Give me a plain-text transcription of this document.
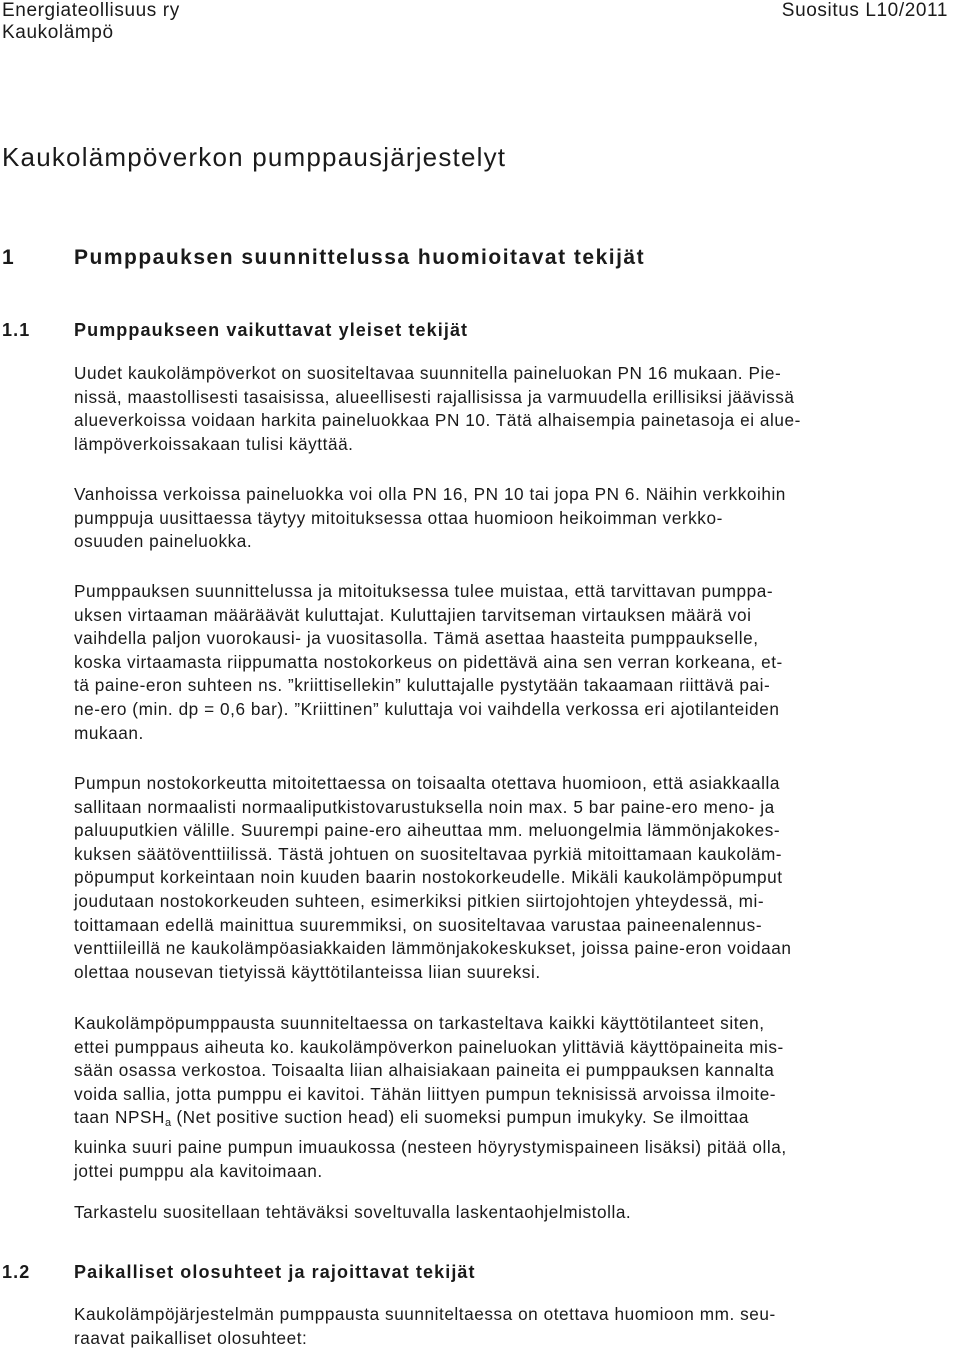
Energiateollisuus ry
Kaukolämpö
Suositus L10/2011
Kaukolämpöverkon pumppausjärjestelyt
1	Pumppauksen suunnittelussa huomioitavat tekijät
1.1 Pumppaukseen vaikuttavat yleiset tekijät
Uudet kaukolämpöverkot on suositeltavaa suunnitella paineluokan PN 16 mukaan. Pie-
nissä, maastollisesti tasaisissa, alueellisesti rajallisissa ja varmuudella erillisiksi jäävissä
alueverkoissa voidaan harkita paineluokkaa PN 10. Tätä alhaisempia painetasoja ei alue-
lämpöverkoissakaan tulisi käyttää.
Vanhoissa verkoissa paineluokka voi olla PN 16, PN 10 tai jopa PN 6. Näihin verkkoihin
pumppuja uusittaessa täytyy mitoituksessa ottaa huomioon heikoimman verkko-
osuuden paineluokka.
Pumppauksen suunnittelussa ja mitoituksessa tulee muistaa, että tarvittavan pumppa-
uksen virtaaman määräävät kuluttajat. Kuluttajien tarvitseman virtauksen määrä voi
vaihdella paljon vuorokausi- ja vuositasolla. Tämä asettaa haasteita pumppaukselle,
koska virtaamasta riippumatta nostokorkeus on pidettävä aina sen verran korkeana, et-
tä paine-eron suhteen ns. ”kriittisellekin” kuluttajalle pystytään takaamaan riittävä pai-
ne-ero (min. dp = 0,6 bar). ”Kriittinen” kuluttaja voi vaihdella verkossa eri ajotilanteiden
mukaan.
Pumpun nostokorkeutta mitoitettaessa on toisaalta otettava huomioon, että asiakkaalla
sallitaan normaalisti normaaliputkistovarustuksella noin max. 5 bar paine-ero meno- ja
paluuputkien välille. Suurempi paine-ero aiheuttaa mm. meluongelmia lämmönjakokes-
kuksen säätöventtiilissä. Tästä johtuen on suositeltavaa pyrkiä mitoittamaan kaukoläm-
pöpumput korkeintaan noin kuuden baarin nostokorkeudelle. Mikäli kaukolämpöpumput
joudutaan nostokorkeuden suhteen, esimerkiksi pitkien siirtojohtojen yhteydessä, mi-
toittamaan edellä mainittua suuremmiksi, on suositeltavaa varustaa paineenalennus-
venttiileillä ne kaukolämpöasiakkaiden lämmönjakokeskukset, joissa paine-eron voidaan
olettaa nousevan tietyissä käyttötilanteissa liian suureksi.
Kaukolämpöpumppausta suunniteltaessa on tarkasteltava kaikki käyttötilanteet siten,
ettei pumppaus aiheuta ko. kaukolämpöverkon paineluokan ylittäviä käyttöpaineita mis-
sään osassa verkostoa. Toisaalta liian alhaisiakaan paineita ei pumppauksen kannalta
voida sallia, jotta pumppu ei kavitoi. Tähän liittyen pumpun teknisissä arvoissa ilmoite-
taan $NPSH_a$ (Net positive suction head) eli suomeksi pumpun imukyky. Se ilmoittaa
kuinka suuri paine pumpun imuaukossa (nesteen höyrystymispaineen lisäksi) pitää olla,
jottei pumppu ala kavitoimaan.
Tarkastelu suositellaan tehtäväksi soveltuvalla laskentaohjelmistolla.
1.2 Paikalliset olosuhteet ja rajoittavat tekijät
Kaukolämpöjärjestelmän pumppausta suunniteltaessa on otettava huomioon mm. seu-
raavat paikalliset olosuhteet:
